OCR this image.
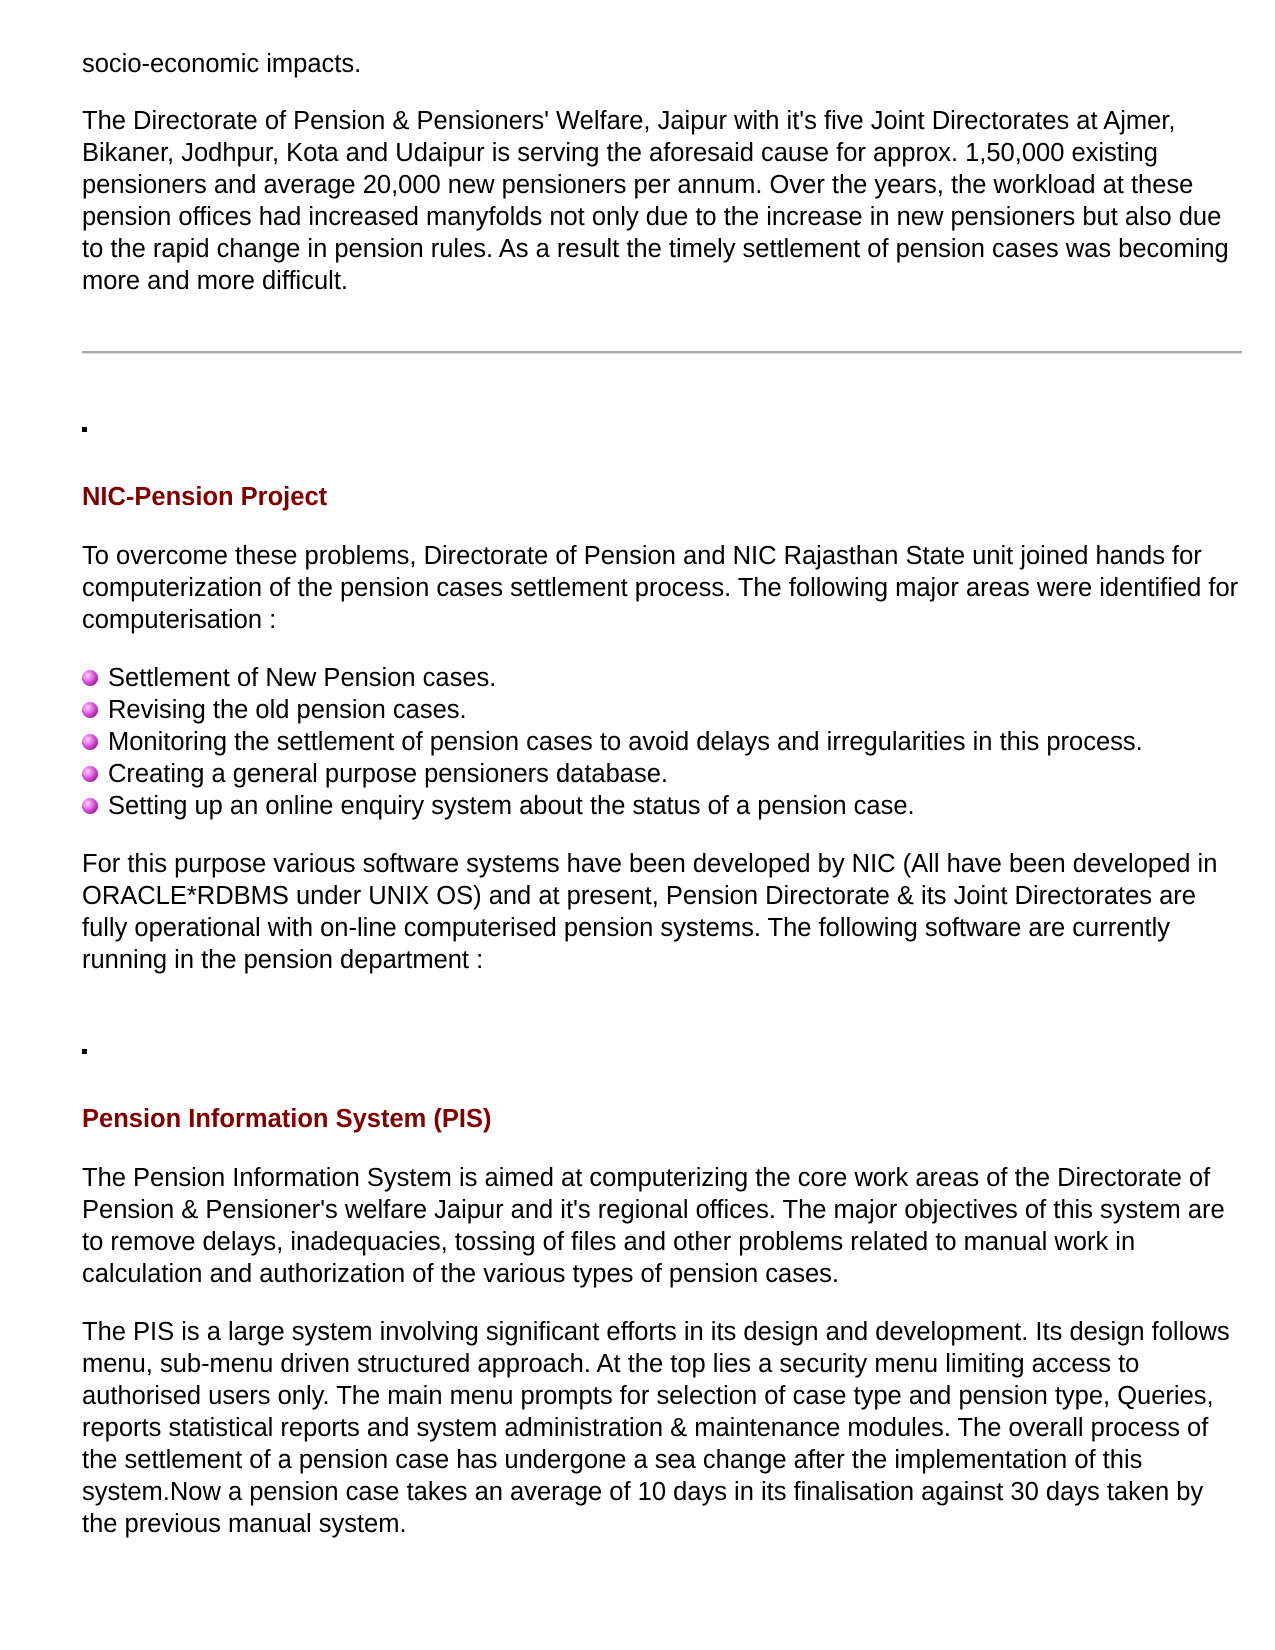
socio-economic impacts.

The Directorate of Pension & Pensioners' Welfare, Jaipur with it's five Joint Directorates at Ajmer, Bikaner, Jodhpur, Kota and Udaipur is serving the aforesaid cause for approx. 1,50,000 existing pensioners and average 20,000 new pensioners per annum. Over the years, the workload at these pension offices had increased manyfolds not only due to the increase in new pensioners but also due to the rapid change in pension rules. As a result the timely settlement of pension cases was becoming more and more difficult.

NIC-Pension Project

To overcome these problems, Directorate of Pension and NIC Rajasthan State unit joined hands for computerization of the pension cases settlement process. The following major areas were identified for computerisation :

Settlement of New Pension cases.
Revising the old pension cases.
Monitoring the settlement of pension cases to avoid delays and irregularities in this process.
Creating a general purpose pensioners database.
Setting up an online enquiry system about the status of a pension case.

For this purpose various software systems have been developed by NIC (All have been developed in ORACLE*RDBMS under UNIX OS) and at present, Pension Directorate & its Joint Directorates are fully operational with on-line computerised pension systems. The following software are currently running in the pension department :

Pension Information System (PIS)

The Pension Information System is aimed at computerizing the core work areas of the Directorate of Pension & Pensioner's welfare Jaipur and it's regional offices. The major objectives of this system are to remove delays, inadequacies, tossing of files and other problems related to manual work in calculation and authorization of the various types of pension cases.

The PIS is a large system involving significant efforts in its design and development. Its design follows menu, sub-menu driven structured approach. At the top lies a security menu limiting access to authorised users only. The main menu prompts for selection of case type and pension type, Queries, reports statistical reports and system administration & maintenance modules. The overall process of the settlement of a pension case has undergone a sea change after the implementation of this system.Now a pension case takes an average of 10 days in its finalisation against 30 days taken by the previous manual system.
